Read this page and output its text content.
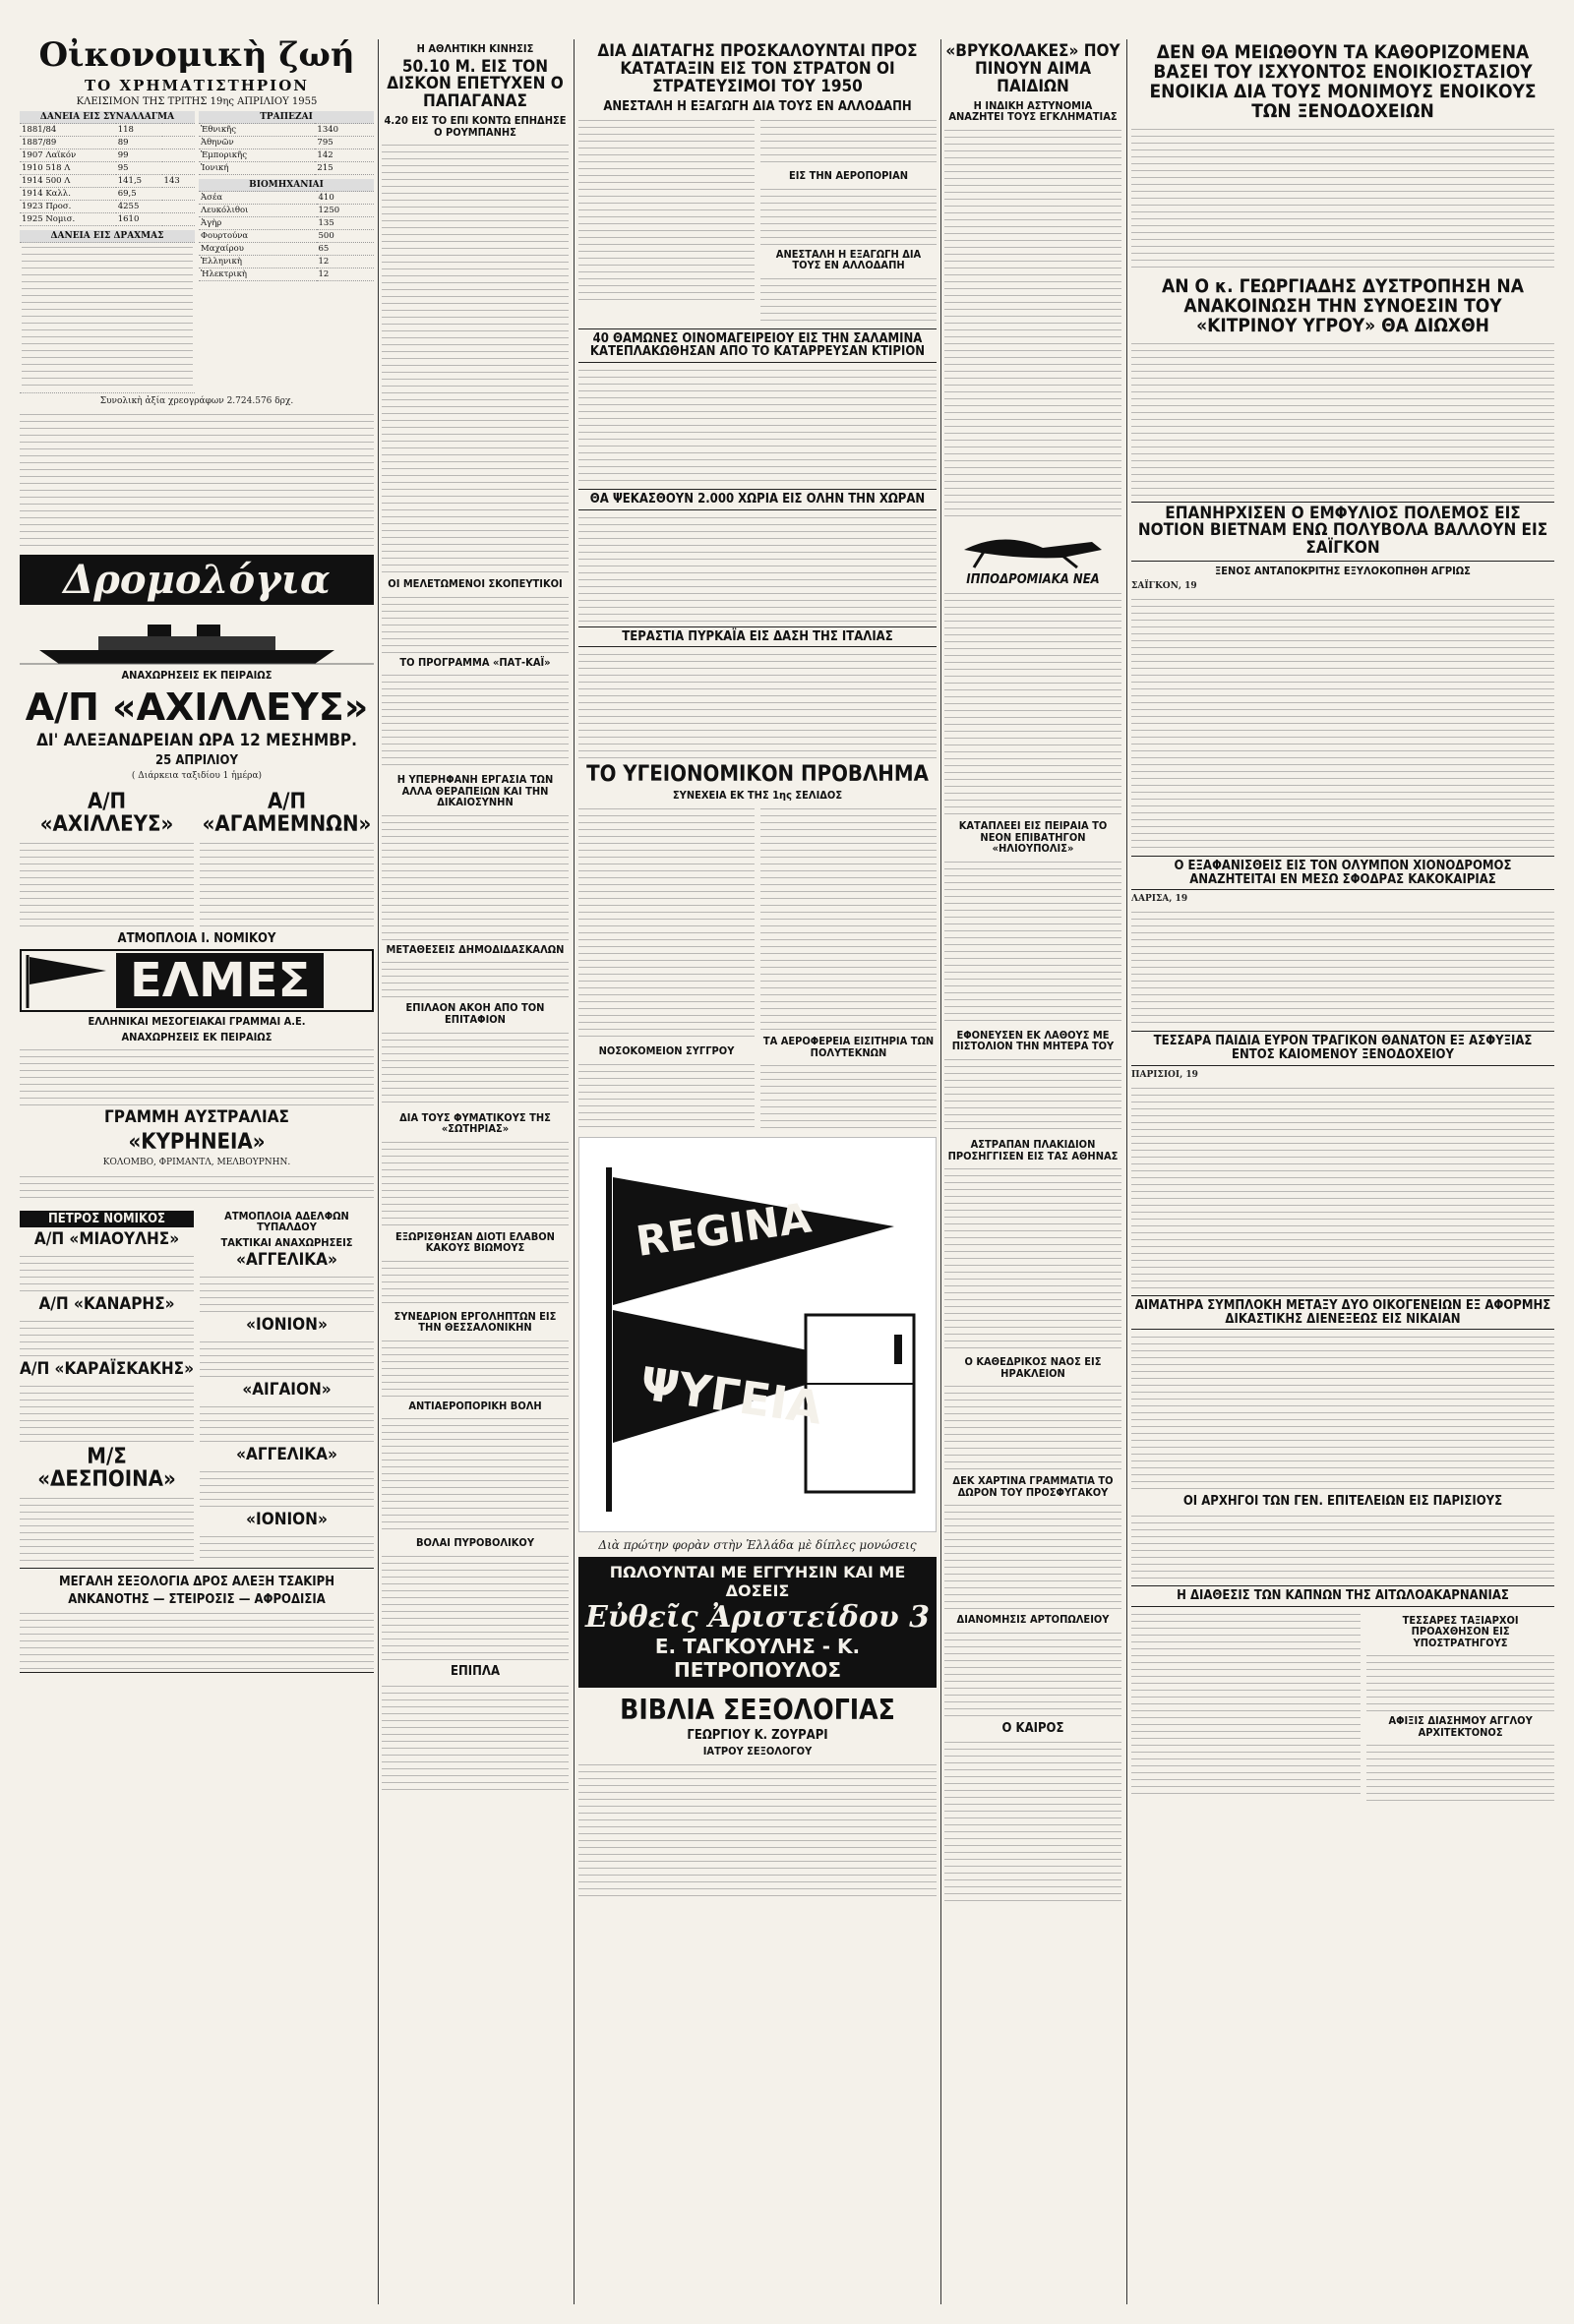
Οἰκονομικὴ ζωή
ΤΟ ΧΡΗΜΑΤΙΣΤΗΡΙΟΝ
ΚΛΕΙΣΙΜΟΝ ΤΗΣ ΤΡΙΤΗΣ 19ης ΑΠΡΙΛΙΟΥ 1955
ΔΑΝΕΙΑ ΕΙΣ ΣΥΝΑΛΛΑΓΜΑ		
1881/84	118	
1887/89	89	
1907 Λαϊκόν	99	
1910 518 Λ	95	
1914 500 Λ	141,5	143
1914 Καλλ.	69,5	
1923 Προσ.	4255	
1925 Νομισ.	1610	
ΔΑΝΕΙΑ ΕΙΣ ΔΡΑΧΜΑΣ

ΤΡΑΠΕΖΑΙ	
Ἐθνικῆς	1340
Ἀθηνῶν	795
Ἐμπορικῆς	142
Ἰονική	215
ΒΙΟΜΗΧΑΝΙΑΙ	
Ἀσέα	410
Λευκόλιθοι	1250
Ἀγὴρ	135
Φουρτούνα	500
Μαχαίρου	65
Ἑλληνικὴ	12
Ἠλεκτρικὴ	12
Συνολικὴ ἀξία χρεογράφων 2.724.576 δρχ.
Δρομολόγια
ΑΝΑΧΩΡΗΣΕΙΣ ΕΚ ΠΕΙΡΑΙΩΣ
Α/Π «ΑΧΙΛΛΕΥΣ»
ΔΙ' ΑΛΕΞΑΝΔΡΕΙΑΝ ΩΡΑ 12 ΜΕΣΗΜΒΡ.
25 ΑΠΡΙΛΙΟΥ
( Διάρκεια ταξιδίου 1 ἡμέρα)
Α/Π «ΑΧΙΛΛΕΥΣ»
Α/Π «ΑΓΑΜΕΜΝΩΝ»
ΑΤΜΟΠΛΟΙΑ Ι. ΝΟΜΙΚΟΥ
ΕΛΜΕΣ
ΕΛΛΗΝΙΚΑΙ ΜΕΣΟΓΕΙΑΚΑΙ ΓΡΑΜΜΑΙ Α.Ε.
ΑΝΑΧΩΡΗΣΕΙΣ ΕΚ ΠΕΙΡΑΙΩΣ
ΓΡΑΜΜΗ ΑΥΣΤΡΑΛΙΑΣ
«ΚΥΡΗΝΕΙΑ»
ΚΟΛΟΜΒΟ, ΦΡΙΜΑΝΤΛ, ΜΕΛΒΟΥΡΝΗΝ.
ΠΕΤΡΟΣ ΝΟΜΙΚΟΣ
Α/Π «ΜΙΑΟΥΛΗΣ»
Α/Π «ΚΑΝΑΡΗΣ»
Α/Π «ΚΑΡΑΪΣΚΑΚΗΣ»
Μ/Σ «ΔΕΣΠΟΙΝΑ»
ΑΤΜΟΠΛΟΙΑ ΑΔΕΛΦΩΝ ΤΥΠΑΛΔΟΥ
ΤΑΚΤΙΚΑΙ ΑΝΑΧΩΡΗΣΕΙΣ
«ΑΓΓΕΛΙΚΑ»
«ΙΟΝΙΟΝ»
«ΑΙΓΑΙΟΝ»
«ΑΓΓΕΛΙΚΑ»
«ΙΟΝΙΟΝ»
ΜΕΓΑΛΗ ΣΕΞΟΛΟΓΙΑ ΔΡΟΣ ΑΛΕΞΗ ΤΣΑΚΙΡΗ
ΑΝΚΑΝΟΤΗΣ — ΣΤΕΙΡΟΣΙΣ — ΑΦΡΟΔΙΣΙΑ
Η ΑΘΛΗΤΙΚΗ ΚΙΝΗΣΙΣ
50.10 Μ. ΕΙΣ ΤΟΝ ΔΙΣΚΟΝ ΕΠΕΤΥΧΕΝ Ο ΠΑΠΑΓΑΝΑΣ
4.20 ΕΙΣ ΤΟ ΕΠΙ ΚΟΝΤΩ ΕΠΗΔΗΣΕ Ο ΡΟΥΜΠΑΝΗΣ
ΟΙ ΜΕΛΕΤΩΜΕΝΟΙ ΣΚΟΠΕΥΤΙΚΟΙ
ΤΟ ΠΡΟΓΡΑΜΜΑ «ΠΑΤ-ΚΑΪ»
Η ΥΠΕΡΗΦΑΝΗ ΕΡΓΑΣΙΑ ΤΩΝ ΑΛΛΑ ΘΕΡΑΠΕΙΩΝ ΚΑΙ ΤΗΝ ΔΙΚΑΙΟΣΥΝΗΝ
ΜΕΤΑΘΕΣΕΙΣ ΔΗΜΟΔΙΔΑΣΚΑΛΩΝ
ΕΠΙΛΑΟΝ ΑΚΟΗ ΑΠΟ ΤΟΝ ΕΠΙΤΑΦΙΟΝ
ΔΙΑ ΤΟΥΣ ΦΥΜΑΤΙΚΟΥΣ ΤΗΣ «ΣΩΤΗΡΙΑΣ»
ΕΞΩΡΙΣΘΗΣΑΝ ΔΙΟΤΙ ΕΛΑΒΟΝ ΚΑΚΟΥΣ ΒΙΩΜΟΥΣ
ΣΥΝΕΔΡΙΟΝ ΕΡΓΟΛΗΠΤΩΝ ΕΙΣ ΤΗΝ ΘΕΣΣΑΛΟΝΙΚΗΝ
ΑΝΤΙΑΕΡΟΠΟΡΙΚΗ ΒΟΛΗ
ΒΟΛΑΙ ΠΥΡΟΒΟΛΙΚΟΥ
ΕΠΙΠΛΑ
ΔΙΑ ΔΙΑΤΑΓΗΣ ΠΡΟΣΚΑΛΟΥΝΤΑΙ ΠΡΟΣ ΚΑΤΑΤΑΞΙΝ ΕΙΣ ΤΟΝ ΣΤΡΑΤΟΝ ΟΙ ΣΤΡΑΤΕΥΣΙΜΟΙ ΤΟΥ 1950
ΑΝΕΣΤΑΛΗ Η ΕΞΑΓΩΓΗ ΔΙΑ ΤΟΥΣ ΕΝ ΑΛΛΟΔΑΠΗ
ΕΙΣ ΤΗΝ ΑΕΡΟΠΟΡΙΑΝ
ΑΝΕΣΤΑΛΗ Η ΕΞΑΓΩΓΗ ΔΙΑ ΤΟΥΣ ΕΝ ΑΛΛΟΔΑΠΗ
40 ΘΑΜΩΝΕΣ ΟΙΝΟΜΑΓΕΙΡΕΙΟΥ ΕΙΣ ΤΗΝ ΣΑΛΑΜΙΝΑ ΚΑΤΕΠΛΑΚΩΘΗΣΑΝ ΑΠΟ ΤΟ ΚΑΤΑΡΡΕΥΣΑΝ ΚΤΙΡΙΟΝ
ΘΑ ΨΕΚΑΣΘΟΥΝ 2.000 ΧΩΡΙΑ ΕΙΣ ΟΛΗΝ ΤΗΝ ΧΩΡΑΝ
ΤΕΡΑΣΤΙΑ ΠΥΡΚΑΪΑ ΕΙΣ ΔΑΣΗ ΤΗΣ ΙΤΑΛΙΑΣ
ΤΟ ΥΓΕΙΟΝΟΜΙΚΟΝ ΠΡΟΒΛΗΜΑ
ΣΥΝΕΧΕΙΑ ΕΚ ΤΗΣ 1ης ΣΕΛΙΔΟΣ
ΝΟΣΟΚΟΜΕΙΟΝ ΣΥΓΓΡΟΥ
ΤΑ ΑΕΡΟΦΕΡΕΙΑ ΕΙΣΙΤΗΡΙΑ ΤΩΝ ΠΟΛΥΤΕΚΝΩΝ
REGINA
ΨΥΓΕΙΑ
Διὰ πρώτην φορὰν στὴν Ἑλλάδα μὲ δίπλες μονώσεις
ΠΩΛΟΥΝΤΑΙ ΜΕ ΕΓΓΥΗΣΙΝ ΚΑΙ ΜΕ ΔΟΣΕΙΣ
Εὐθεῖς Ἀριστείδου 3
Ε. ΤΑΓΚΟΥΛΗΣ - Κ. ΠΕΤΡΟΠΟΥΛΟΣ
ΒΙΒΛΙΑ ΣΕΞΟΛΟΓΙΑΣ
ΓΕΩΡΓΙΟΥ Κ. ΖΟΥΡΑΡΙ
ΙΑΤΡΟΥ ΣΕΞΟΛΟΓΟΥ
«ΒΡΥΚΟΛΑΚΕΣ» ΠΟΥ ΠΙΝΟΥΝ ΑΙΜΑ ΠΑΙΔΙΩΝ
Η ΙΝΔΙΚΗ ΑΣΤΥΝΟΜΙΑ ΑΝΑΖΗΤΕΙ ΤΟΥΣ ΕΓΚΛΗΜΑΤΙΑΣ
ΙΠΠΟΔΡΟΜΙΑΚΑ ΝΕΑ
ΚΑΤΑΠΛΕΕΙ ΕΙΣ ΠΕΙΡΑΙΑ ΤΟ ΝΕΟΝ ΕΠΙΒΑΤΗΓΟΝ «ΗΛΙΟΥΠΟΛΙΣ»
ΕΦΟΝΕΥΣΕΝ ΕΚ ΛΑΘΟΥΣ ΜΕ ΠΙΣΤΟΛΙΟΝ ΤΗΝ ΜΗΤΕΡΑ ΤΟΥ
ΑΣΤΡΑΠΑΝ ΠΛΑΚΙΔΙΟΝ ΠΡΟΣΗΓΓΙΣΕΝ ΕΙΣ ΤΑΣ ΑΘΗΝΑΣ
Ο ΚΑΘΕΔΡΙΚΟΣ ΝΑΟΣ ΕΙΣ ΗΡΑΚΛΕΙΟΝ
ΔΕΚ ΧΑΡΤΙΝΑ ΓΡΑΜΜΑΤΙΑ ΤΟ ΔΩΡΟΝ ΤΟΥ ΠΡΟΣΦΥΓΑΚΟΥ
ΔΙΑΝΟΜΗΣΙΣ ΑΡΤΟΠΩΛΕΙΟΥ
Ο ΚΑΙΡΟΣ
ΔΕΝ ΘΑ ΜΕΙΩΘΟΥΝ ΤΑ ΚΑΘΟΡΙΖΟΜΕΝΑ ΒΑΣΕΙ ΤΟΥ ΙΣΧΥΟΝΤΟΣ ΕΝΟΙΚΙΟΣΤΑΣΙΟΥ ΕΝΟΙΚΙΑ ΔΙΑ ΤΟΥΣ ΜΟΝΙΜΟΥΣ ΕΝΟΙΚΟΥΣ ΤΩΝ ΞΕΝΟΔΟΧΕΙΩΝ
ΑΝ Ο κ. ΓΕΩΡΓΙΑΔΗΣ ΔΥΣΤΡΟΠΗΣΗ ΝΑ ΑΝΑΚΟΙΝΩΣΗ ΤΗΝ ΣΥΝΟΕΣΙΝ ΤΟΥ «ΚΙΤΡΙΝΟΥ ΥΓΡΟΥ» ΘΑ ΔΙΩΧΘΗ
ΕΠΑΝΗΡΧΙΣΕΝ Ο ΕΜΦΥΛΙΟΣ ΠΟΛΕΜΟΣ ΕΙΣ ΝΟΤΙΟΝ ΒΙΕΤΝΑΜ ΕΝΩ ΠΟΛΥΒΟΛΑ ΒΑΛΛΟΥΝ ΕΙΣ ΣΑΪΓΚΟΝ
ΞΕΝΟΣ ΑΝΤΑΠΟΚΡΙΤΗΣ ΕΞΥΛΟΚΟΠΗΘΗ ΑΓΡΙΩΣ
ΣΑΪΓΚΟΝ, 19
Ο ΕΞΑΦΑΝΙΣΘΕΙΣ ΕΙΣ ΤΟΝ ΟΛΥΜΠΟΝ ΧΙΟΝΟΔΡΟΜΟΣ ΑΝΑΖΗΤΕΙΤΑΙ ΕΝ ΜΕΣΩ ΣΦΟΔΡΑΣ ΚΑΚΟΚΑΙΡΙΑΣ
ΛΑΡΙΣΑ, 19
ΤΕΣΣΑΡΑ ΠΑΙΔΙΑ ΕΥΡΟΝ ΤΡΑΓΙΚΟΝ ΘΑΝΑΤΟΝ ΕΞ ΑΣΦΥΞΙΑΣ ΕΝΤΟΣ ΚΑΙΟΜΕΝΟΥ ΞΕΝΟΔΟΧΕΙΟΥ
ΠΑΡΙΣΙΟΙ, 19
ΑΙΜΑΤΗΡΑ ΣΥΜΠΛΟΚΗ ΜΕΤΑΞΥ ΔΥΟ ΟΙΚΟΓΕΝΕΙΩΝ ΕΞ ΑΦΟΡΜΗΣ ΔΙΚΑΣΤΙΚΗΣ ΔΙΕΝΕΞΕΩΣ ΕΙΣ ΝΙΚΑΙΑΝ
ΟΙ ΑΡΧΗΓΟΙ ΤΩΝ ΓΕΝ. ΕΠΙΤΕΛΕΙΩΝ ΕΙΣ ΠΑΡΙΣΙΟΥΣ
Η ΔΙΑΘΕΣΙΣ ΤΩΝ ΚΑΠΝΩΝ ΤΗΣ ΑΙΤΩΛΟΑΚΑΡΝΑΝΙΑΣ
ΤΕΣΣΑΡΕΣ ΤΑΞΙΑΡΧΟΙ ΠΡΟΑΧΘΗΣΟΝ ΕΙΣ ΥΠΟΣΤΡΑΤΗΓΟΥΣ
ΑΦΙΞΙΣ ΔΙΑΣΗΜΟΥ ΑΓΓΛΟΥ ΑΡΧΙΤΕΚΤΟΝΟΣ
